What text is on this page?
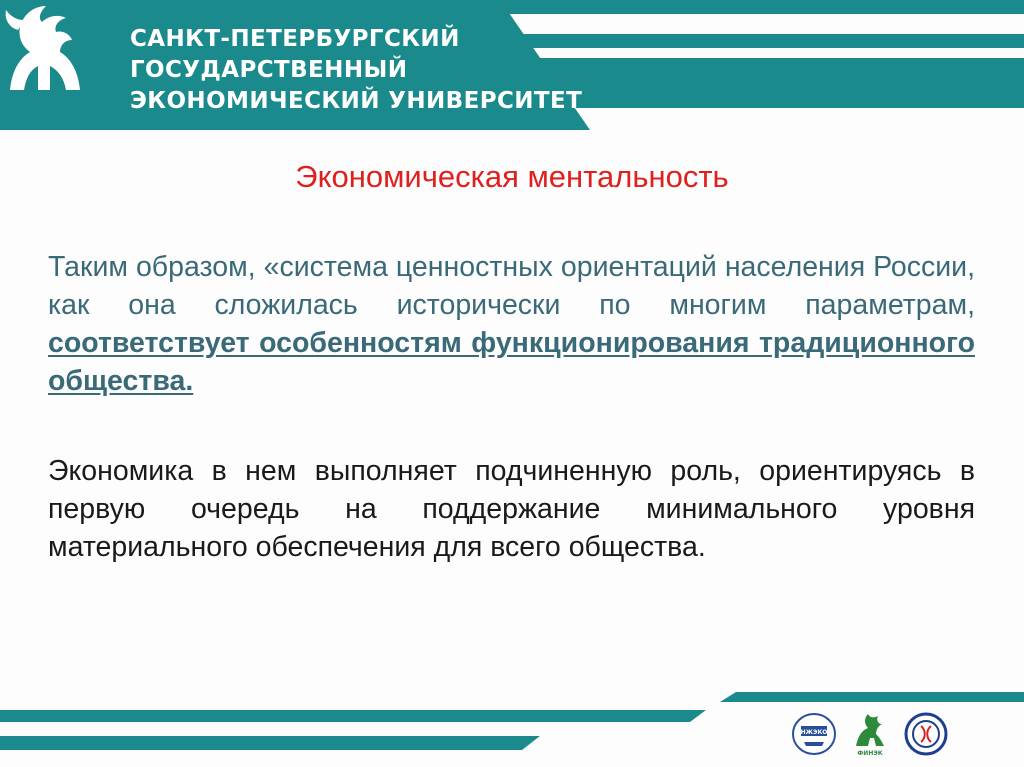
САНКТ-ПЕТЕРБУРГСКИЙ
ГОСУДАРСТВЕННЫЙ
ЭКОНОМИЧЕСКИЙ УНИВЕРСИТЕТ
Экономическая ментальность
Таким образом, «система ценностных ориентаций населения России, как она сложилась исторически по многим параметрам, соответствует особенностям функционирования традиционного общества.
Экономика в нем выполняет подчиненную роль, ориентируясь в первую очередь на поддержание минимального уровня материального обеспечения для всего общества.
ИНЖЭКОН
ФИНЭК
